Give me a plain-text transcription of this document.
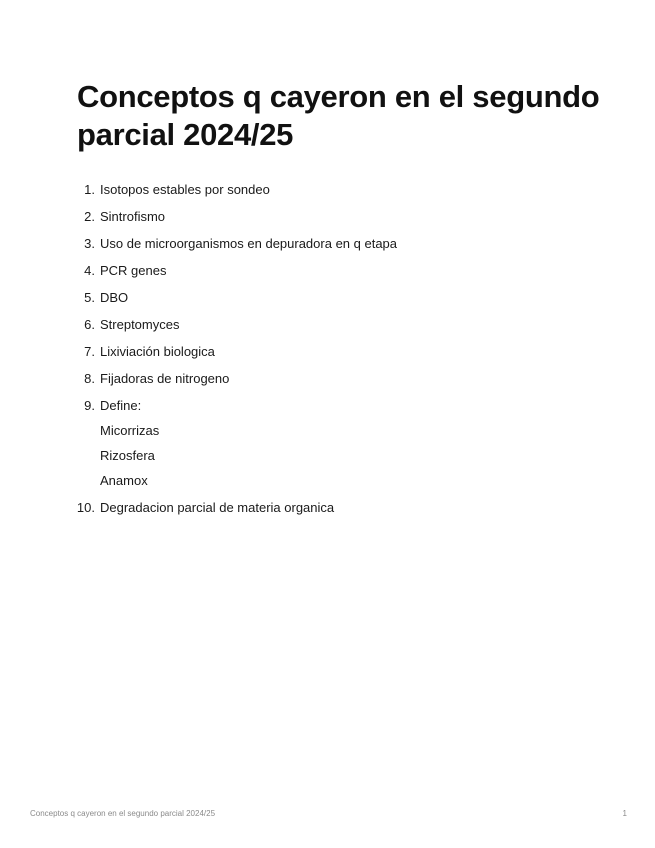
Conceptos q cayeron en el segundo parcial 2024/25
1. Isotopos estables por sondeo
2. Sintrofismo
3. Uso de microorganismos en depuradora en q etapa
4. PCR genes
5. DBO
6. Streptomyces
7. Lixiviación biologica
8. Fijadoras de nitrogeno
9. Define:
Micorrizas
Rizosfera
Anamox
10. Degradacion parcial de materia organica
Conceptos q cayeron en el segundo parcial 2024/25	1
